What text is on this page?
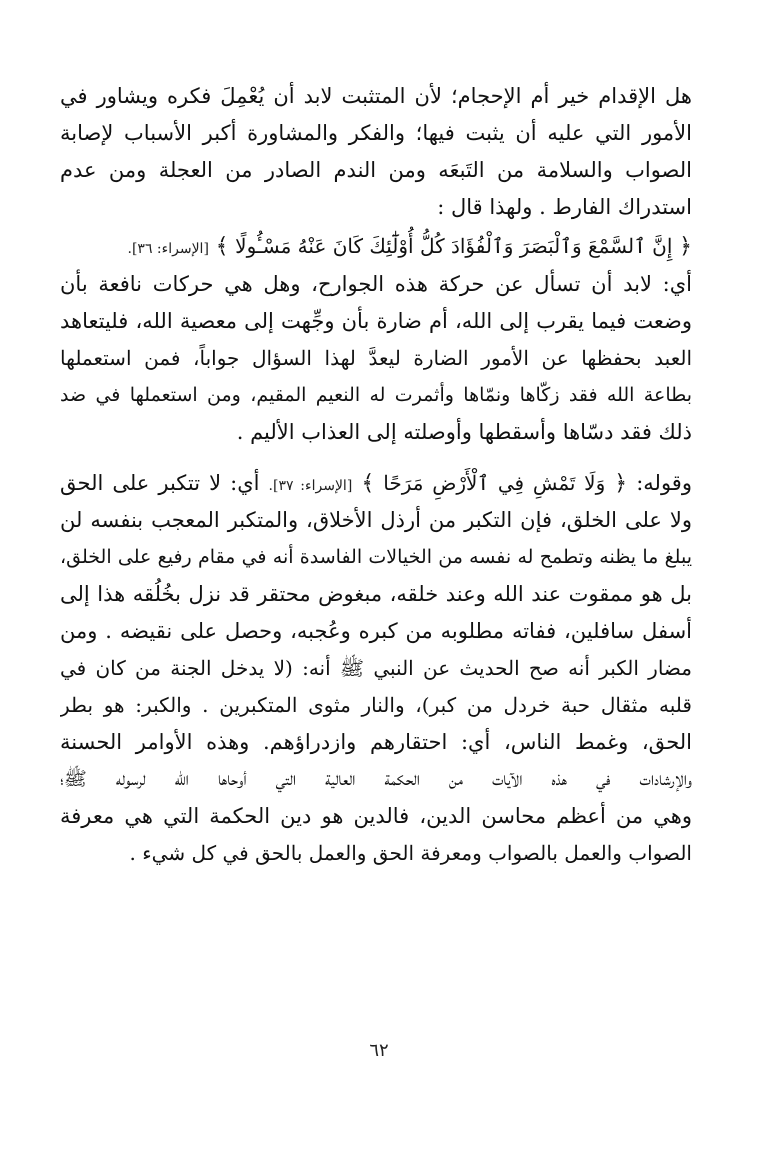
هل الإقدام خير أم الإحجام؛ لأن المتثبت لابد أن يُعْمِلَ فكره ويشاور في
الأمور التي عليه أن يثبت فيها؛ والفكر والمشاورة أكبر الأسباب لإصابة
الصواب والسلامة من التَبعَه ومن الندم الصادر من العجلة ومن عدم
استدراك الفارط . ولهذا قال :
﴿ إِنَّ ٱلسَّمْعَ وَٱلْبَصَرَ وَٱلْفُؤَادَ كُلُّ أُوْلَٰٓئِكَ كَانَ عَنْهُ مَسْـُٔولًا ﴾ [الإسراء: ٣٦].
أي: لابد أن تسأل عن حركة هذه الجوارح، وهل هي حركات نافعة بأن
وضعت فيما يقرب إلى الله، أم ضارة بأن وجِّهت إلى معصية الله، فليتعاهد
العبد بحفظها عن الأمور الضارة ليعدَّ لهذا السؤال جواباً، فمن استعملها
بطاعة الله فقد زكّاها ونمّاها وأثمرت له النعيم المقيم، ومن استعملها في ضد
ذلك فقد دسّاها وأسقطها وأوصلته إلى العذاب الأليم .
وقوله: ﴿ وَلَا تَمْشِ فِي ٱلْأَرْضِ مَرَحًا ﴾ [الإسراء: ٣٧]. أي: لا تتكبر على الحق
ولا على الخلق، فإن التكبر من أرذل الأخلاق، والمتكبر المعجب بنفسه لن
يبلغ ما يظنه وتطمح له نفسه من الخيالات الفاسدة أنه في مقام رفيع على الخلق،
بل هو ممقوت عند الله وعند خلقه، مبغوض محتقر قد نزل بخُلُقه هذا إلى
أسفل سافلين، ففاته مطلوبه من كبره وعُجبه، وحصل على نقيضه . ومن
مضار الكبر أنه صح الحديث عن النبي ﷺ أنه: (لا يدخل الجنة من كان في
قلبه مثقال حبة خردل من كبر)، والنار مثوى المتكبرين . والكبر: هو بطر
الحق، وغمط الناس، أي: احتقارهم وازدراؤهم. وهذه الأوامر الحسنة
والإرشادات في هذه الآيات من الحكمة العالية التي أوحاها الله لرسوله ﷺ؛
وهي من أعظم محاسن الدين، فالدين هو دين الحكمة التي هي معرفة
الصواب والعمل بالصواب ومعرفة الحق والعمل بالحق في كل شيء .
٦٢
